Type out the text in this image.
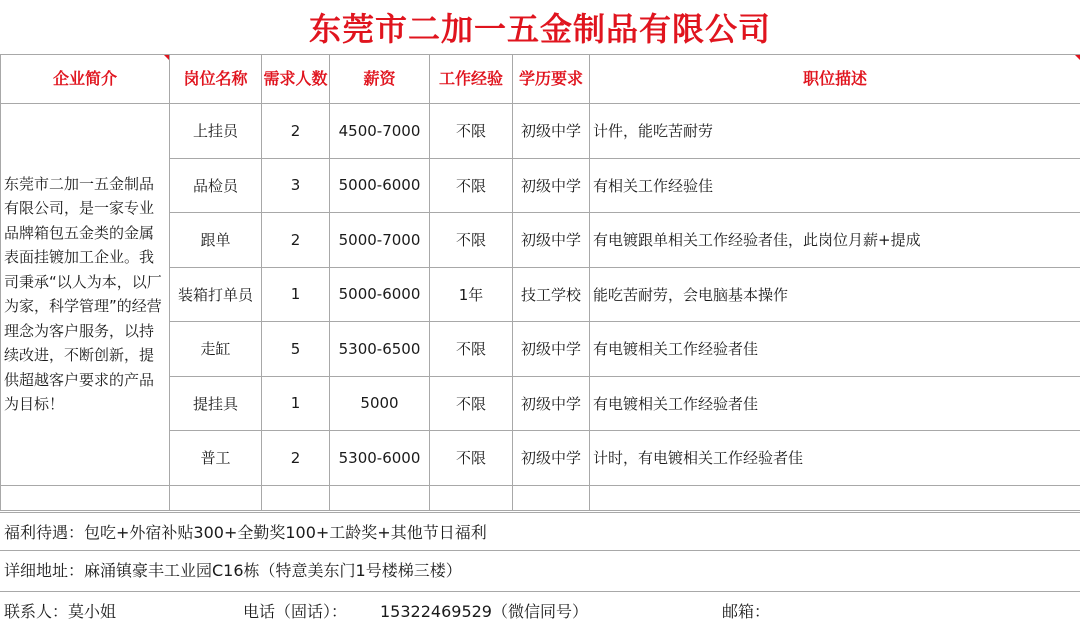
东莞市二加一五金制品有限公司
企业简介	岗位名称	需求人数	薪资	工作经验	学历要求	职位描述
东莞市二加一五金制品有限公司，是一家专业品牌箱包五金类的金属表面挂镀加工企业。我司秉承“以人为本，以厂为家，科学管理”的经营理念为客户服务，以持续改进，不断创新，提供超越客户要求的产品为目标！	上挂员	2	4500-7000	不限	初级中学	计件，能吃苦耐劳
	品检员	3	5000-6000	不限	初级中学	有相关工作经验佳
	跟单	2	5000-7000	不限	初级中学	有电镀跟单相关工作经验者佳，此岗位月薪+提成
	装箱打单员	1	5000-6000	1年	技工学校	能吃苦耐劳，会电脑基本操作
	走缸	5	5300-6500	不限	初级中学	有电镀相关工作经验者佳
	提挂具	1	5000	不限	初级中学	有电镀相关工作经验者佳
	普工	2	5300-6000	不限	初级中学	计时，有电镀相关工作经验者佳

福利待遇：包吃+外宿补贴300+全勤奖100+工龄奖+其他节日福利
详细地址：麻涌镇豪丰工业园C16栋（特意美东门1号楼梯三楼）
联系人：莫小姐	电话（固话）： 15322469529（微信同号）	邮箱：
